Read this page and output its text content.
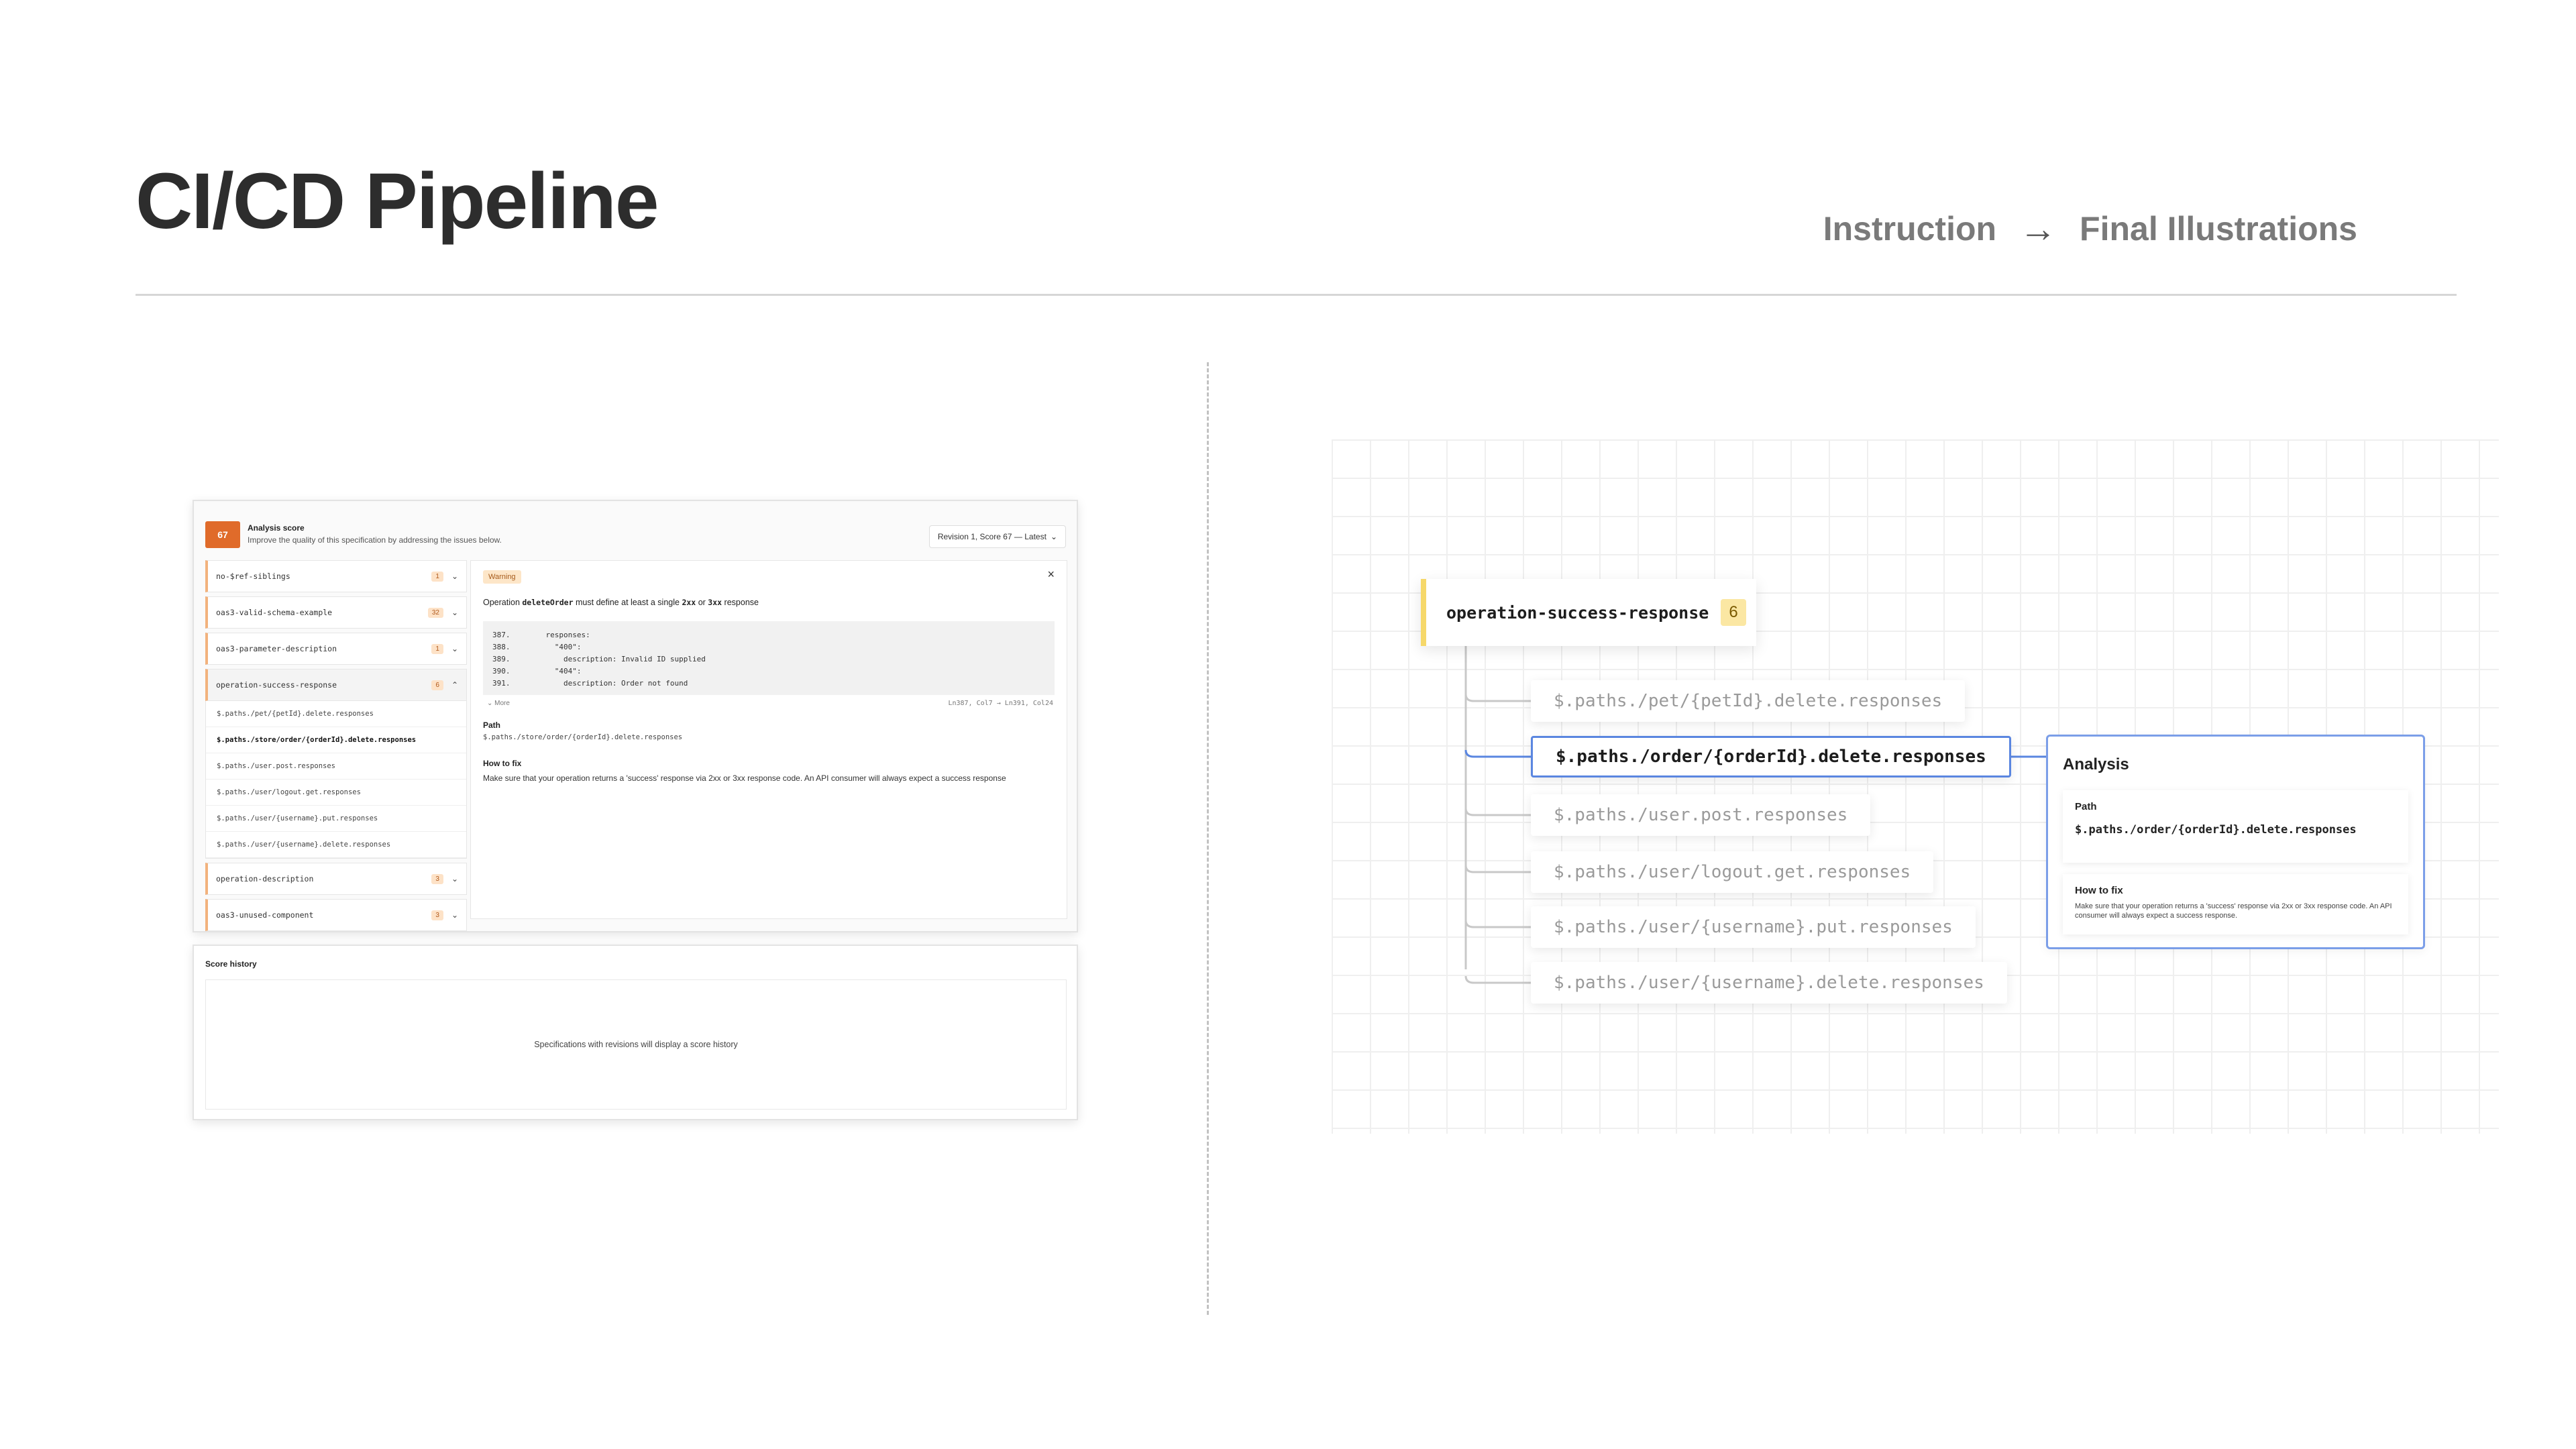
CI/CD Pipeline	Instruction → Final Illustrations
67
Analysis score
Improve the quality of this specification by addressing the issues below.	Revision 1, Score 67 — Latest ⌄
no-$ref-siblings	1	⌄
oas3-valid-schema-example	32	⌄
oas3-parameter-description	1	⌄
operation-success-response	6	⌃
$.paths./pet/{petId}.delete.responses
$.paths./store/order/{orderId}.delete.responses
$.paths./user.post.responses
$.paths./user/logout.get.responses
$.paths./user/{username}.put.responses
$.paths./user/{username}.delete.responses
operation-description	3	⌄
oas3-unused-component	3	⌄
Warning	×
Operation deleteOrder must define at least a single 2xx or 3xx response
387.        responses:
388.          "400":
389.            description: Invalid ID supplied
390.          "404":
391.            description: Order not found
⌄ More	Ln387, Col7 → Ln391, Col24
Path
$.paths./store/order/{orderId}.delete.responses
How to fix
Make sure that your operation returns a 'success' response via 2xx or 3xx response code. An API consumer will always expect a success response
Score history
Specifications with revisions will display a score history
operation-success-response	6
$.paths./pet/{petId}.delete.responses
$.paths./order/{orderId}.delete.responses
$.paths./user.post.responses
$.paths./user/logout.get.responses
$.paths./user/{username}.put.responses
$.paths./user/{username}.delete.responses
Analysis
Path
$.paths./order/{orderId}.delete.responses
How to fix
Make sure that your operation returns a 'success' response via 2xx or 3xx response code. An API consumer will always expect a success response.
